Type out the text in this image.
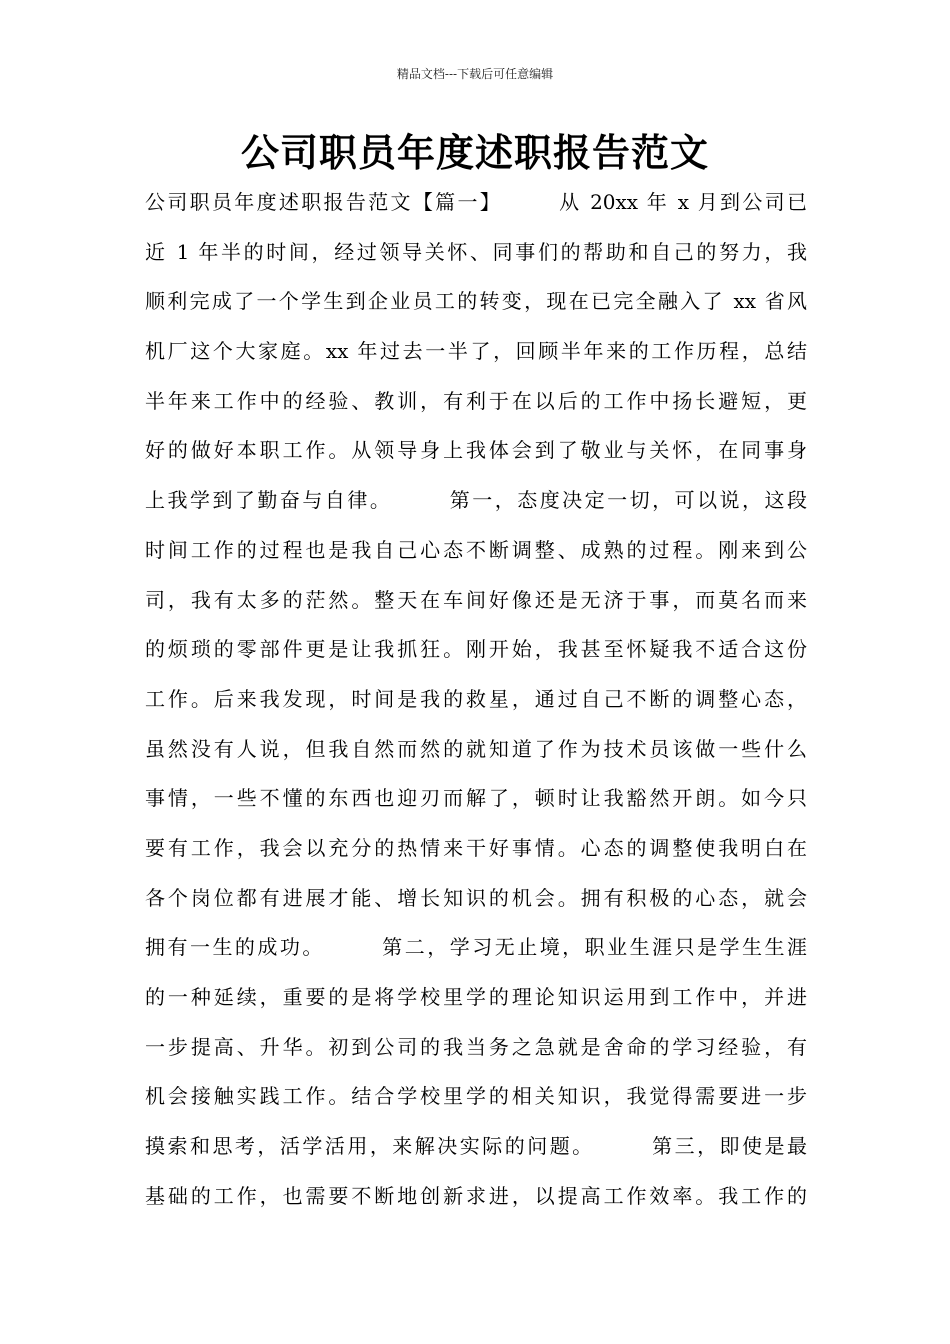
精品文档---下载后可任意编辑
公司职员年度述职报告范文
公司职员年度述职报告范文【篇一】　　　从 20xx 年 x 月到公司已
近 1 年半的时间，经过领导关怀、同事们的帮助和自己的努力，我
顺利完成了一个学生到企业员工的转变，现在已完全融入了 xx 省风
机厂这个大家庭。xx 年过去一半了，回顾半年来的工作历程，总结
半年来工作中的经验、教训，有利于在以后的工作中扬长避短，更
好的做好本职工作。从领导身上我体会到了敬业与关怀，在同事身
上我学到了勤奋与自律。　　　第一，态度决定一切，可以说，这段
时间工作的过程也是我自己心态不断调整、成熟的过程。刚来到公
司，我有太多的茫然。整天在车间好像还是无济于事，而莫名而来
的烦琐的零部件更是让我抓狂。刚开始，我甚至怀疑我不适合这份
工作。后来我发现，时间是我的救星，通过自己不断的调整心态，
虽然没有人说，但我自然而然的就知道了作为技术员该做一些什么
事情，一些不懂的东西也迎刃而解了，顿时让我豁然开朗。如今只
要有工作，我会以充分的热情来干好事情。心态的调整使我明白在
各个岗位都有进展才能、增长知识的机会。拥有积极的心态，就会
拥有一生的成功。　　　第二，学习无止境，职业生涯只是学生生涯
的一种延续，重要的是将学校里学的理论知识运用到工作中，并进
一步提高、升华。初到公司的我当务之急就是舍命的学习经验，有
机会接触实践工作。结合学校里学的相关知识，我觉得需要进一步
摸索和思考，活学活用，来解决实际的问题。　　　第三，即使是最
基础的工作，也需要不断地创新求进，以提高工作效率。我工作的
